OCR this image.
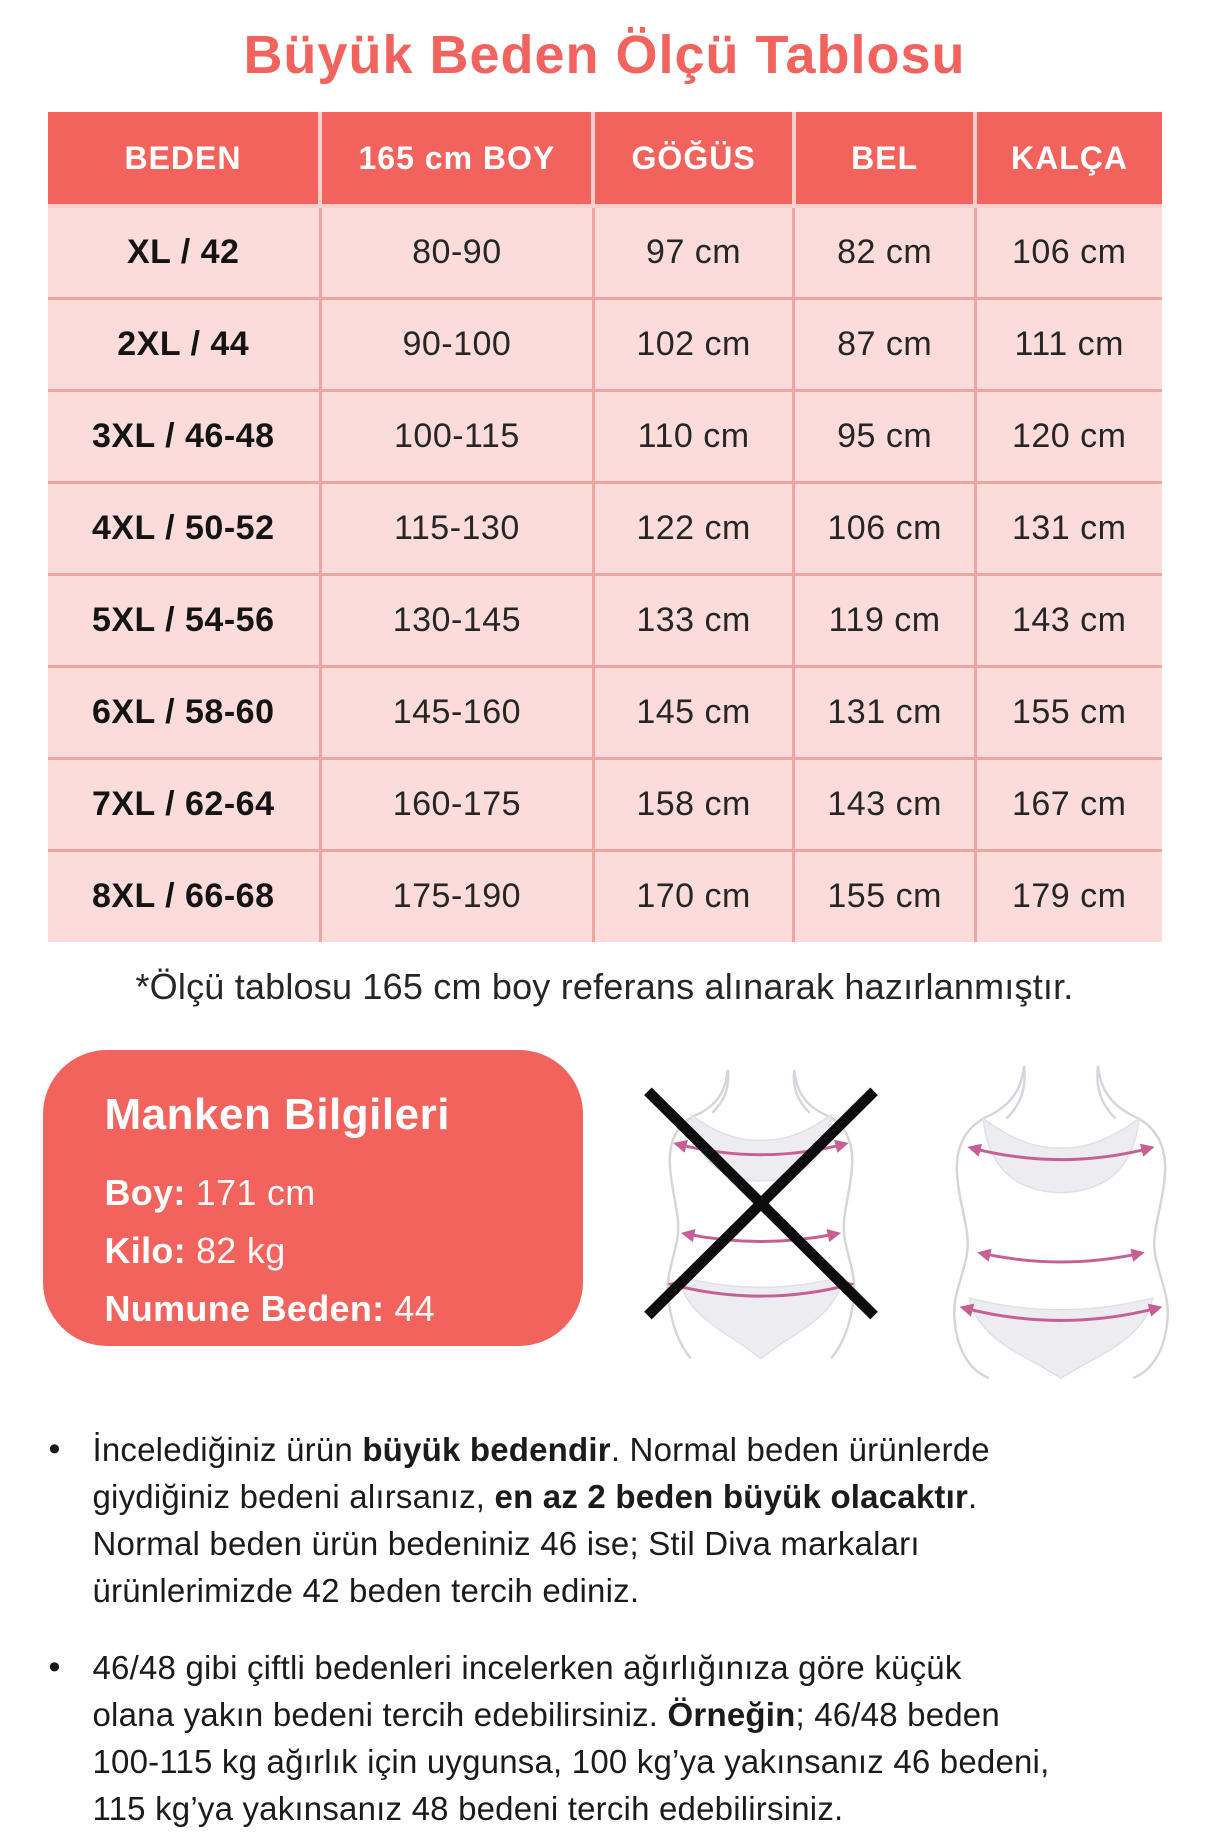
Büyük Beden Ölçü Tablosu
BEDEN	165 cm BOY	GÖĞÜS	BEL	KALÇA
XL / 42	80-90	97 cm	82 cm	106 cm
2XL / 44	90-100	102 cm	87 cm	111 cm
3XL / 46-48	100-115	110 cm	95 cm	120 cm
4XL / 50-52	115-130	122 cm	106 cm	131 cm
5XL / 54-56	130-145	133 cm	119 cm	143 cm
6XL / 58-60	145-160	145 cm	131 cm	155 cm
7XL / 62-64	160-175	158 cm	143 cm	167 cm
8XL / 66-68	175-190	170 cm	155 cm	179 cm

*Ölçü tablosu 165 cm boy referans alınarak hazırlanmıştır.

Manken Bilgileri

Boy: 171 cm

Kilo: 82 kg

Numune Beden: 44

• İncelediğiniz ürün büyük bedendir. Normal beden ürünlerde
giydiğiniz bedeni alırsanız, en az 2 beden büyük olacaktır.
Normal beden ürün bedeniniz 46 ise; Stil Diva markaları
ürünlerimizde 42 beden tercih ediniz.

• 46/48 gibi çiftli bedenleri incelerken ağırlığınıza göre küçük
olana yakın bedeni tercih edebilirsiniz. Örneğin; 46/48 beden
100-115 kg ağırlık için uygunsa, 100 kg’ya yakınsanız 46 bedeni,
115 kg’ya yakınsanız 48 bedeni tercih edebilirsiniz.
